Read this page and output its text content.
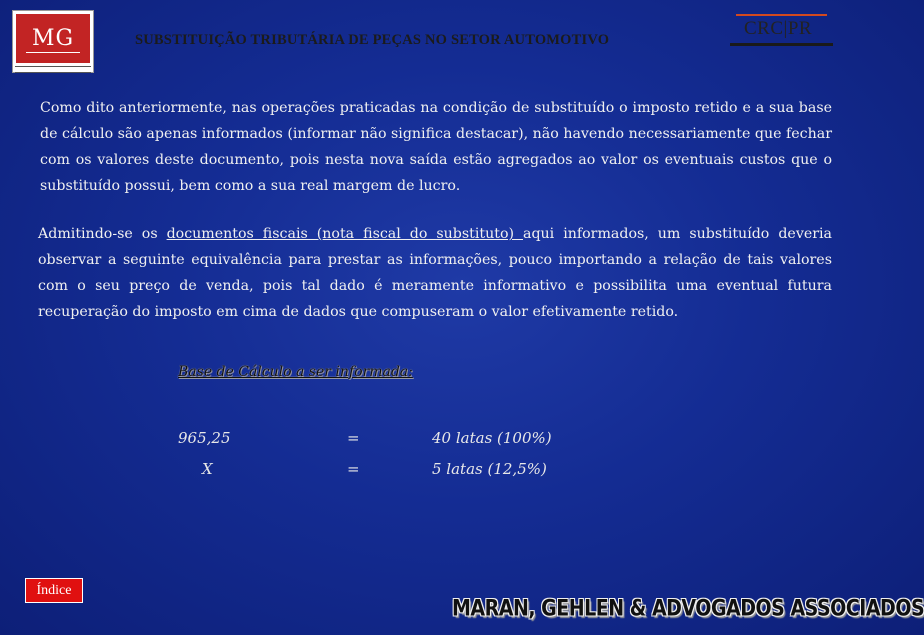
MG	SUBSTITUIÇÃO TRIBUTÁRIA DE PEÇAS NO SETOR AUTOMOTIVO
CRC|PR
Como dito anteriormente, nas operações praticadas na condição de substituído o imposto retido e a sua base de cálculo são apenas informados (informar não significa destacar), não havendo necessariamente que fechar com os valores deste documento, pois nesta nova saída estão agregados ao valor os eventuais custos que o substituído possui, bem como a sua real margem de lucro.
Admitindo-se os documentos fiscais (nota fiscal do substituto) aqui informados, um substituído deveria observar a seguinte equivalência para prestar as informações, pouco importando a relação de tais valores com o seu preço de venda, pois tal dado é meramente informativo e possibilita uma eventual futura recuperação do imposto em cima de dados que compuseram o valor efetivamente retido.
Base de Cálculo a ser informada:
965,25	=	40 latas (100%)
X	=	5 latas (12,5%)
Índice
MARAN, GEHLEN & ADVOGADOS ASSOCIADOS
